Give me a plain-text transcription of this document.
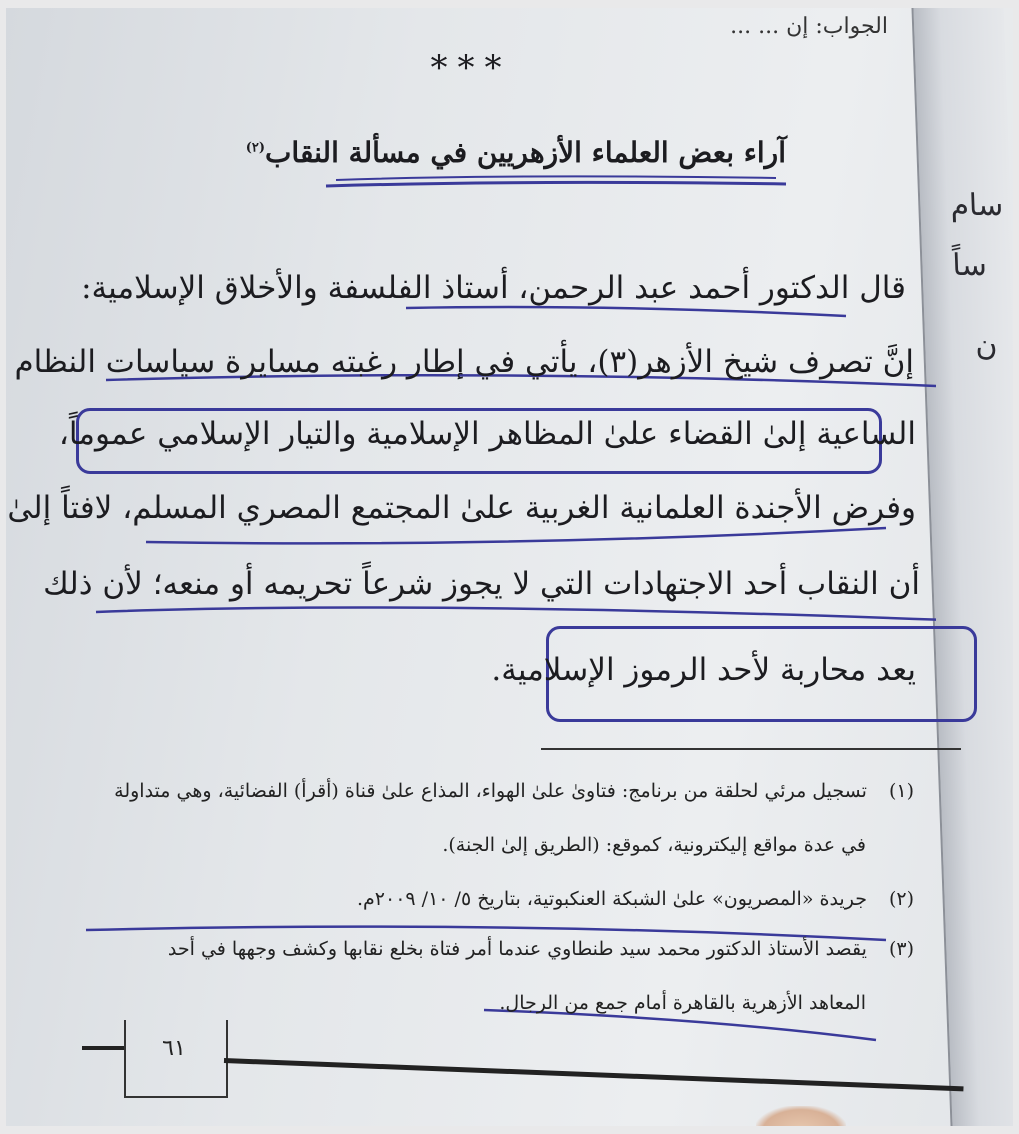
سام
ساً
ن
الجواب: إن ... ...
***
آراء بعض العلماء الأزهريين في مسألة النقاب$^{(٢)}$
قال الدكتور أحمد عبد الرحمن، أستاذ الفلسفة والأخلاق الإسلامية:
إنَّ تصرف شيخ الأزهر(٣)، يأتي في إطار رغبته مسايرة سياسات النظام
الساعية إلىٰ القضاء علىٰ المظاهر الإسلامية والتيار الإسلامي عموماً،
وفرض الأجندة العلمانية الغربية علىٰ المجتمع المصري المسلم، لافتاً إلىٰ
أن النقاب أحد الاجتهادات التي لا يجوز شرعاً تحريمه أو منعه؛ لأن ذلك
يعد محاربة لأحد الرموز الإسلامية.
(١)تسجيل مرئي لحلقة من برنامج: فتاوىٰ علىٰ الهواء، المذاع علىٰ قناة (أقرأ) الفضائية، وهي متداولة
في عدة مواقع إليكترونية، كموقع: (الطريق إلىٰ الجنة).
(٢)جريدة «المصريون» علىٰ الشبكة العنكبوتية، بتاريخ ٥/ ١٠/ ٢٠٠٩م.
(٣)يقصد الأستاذ الدكتور محمد سيد طنطاوي عندما أمر فتاة بخلع نقابها وكشف وجهها في أحد
المعاهد الأزهرية بالقاهرة أمام جمع من الرجال.
٦١
